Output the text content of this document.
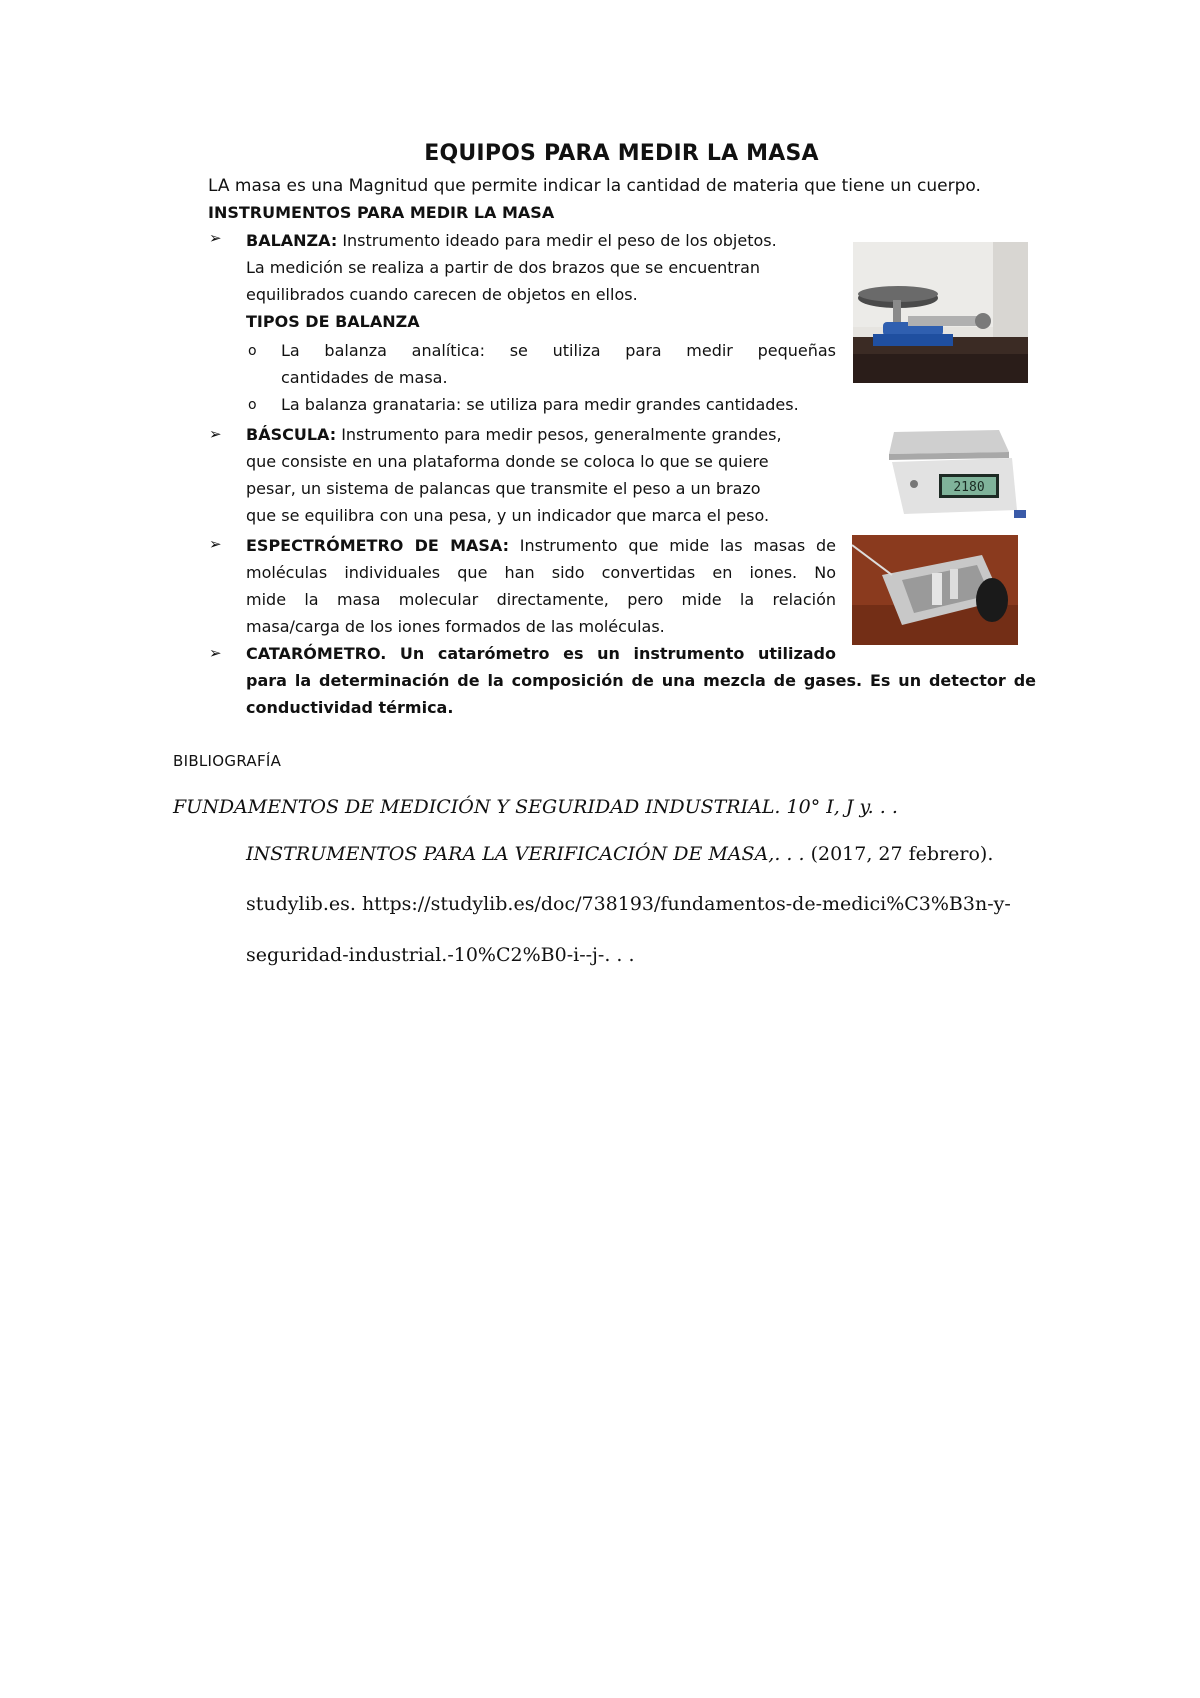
EQUIPOS PARA MEDIR LA MASA
LA masa es una Magnitud que permite indicar la cantidad de materia que tiene un cuerpo.
INSTRUMENTOS PARA MEDIR LA MASA
➢ BALANZA: Instrumento ideado para medir el peso de los objetos.
La medición se realiza a partir de dos brazos que se encuentran
equilibrados cuando carecen de objetos en ellos.
TIPOS DE BALANZA
o La balanza analítica: se utiliza para medir pequeñas
cantidades de masa.
o La balanza granataria: se utiliza para medir grandes cantidades.
➢ BÁSCULA: Instrumento para medir pesos, generalmente grandes,
que consiste en una plataforma donde se coloca lo que se quiere
pesar, un sistema de palancas que transmite el peso a un brazo
que se equilibra con una pesa, y un indicador que marca el peso.
➢ ESPECTRÓMETRO DE MASA: Instrumento que mide las masas de
moléculas individuales que han sido convertidas en iones. No
mide la masa molecular directamente, pero mide la relación
masa/carga de los iones formados de las moléculas.
➢ CATARÓMETRO. Un catarómetro es un instrumento utilizado
para la determinación de la composición de una mezcla de gases. Es un detector de
conductividad térmica.
2180
BIBLIOGRAFÍA
FUNDAMENTOS DE MEDICIÓN Y SEGURIDAD INDUSTRIAL. 10° I, J y. . .
INSTRUMENTOS PARA LA VERIFICACIÓN DE MASA,. . . (2017, 27 febrero).
studylib.es. https://studylib.es/doc/738193/fundamentos-de-medici%C3%B3n-y-
seguridad-industrial.-10%C2%B0-i--j-. . .
